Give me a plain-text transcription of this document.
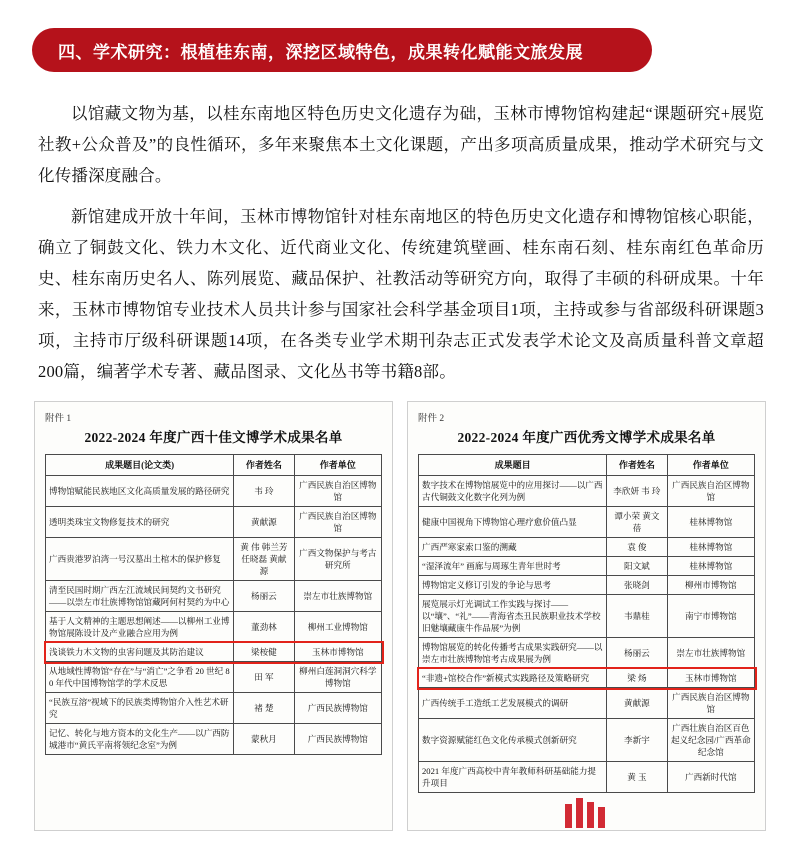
四、学术研究：根植桂东南，深挖区域特色，成果转化赋能文旅发展

以馆藏文物为基，以桂东南地区特色历史文化遗存为础，玉林市博物馆构建起“课题研究+展览社教+公众普及”的良性循环，多年来聚焦本土文化课题，产出多项高质量成果，推动学术研究与文化传播深度融合。

新馆建成开放十年间，玉林市博物馆针对桂东南地区的特色历史文化遗存和博物馆核心职能，确立了铜鼓文化、铁力木文化、近代商业文化、传统建筑壁画、桂东南石刻、桂东南红色革命历史、桂东南历史名人、陈列展览、藏品保护、社教活动等研究方向，取得了丰硕的科研成果。十年来，玉林市博物馆专业技术人员共计参与国家社会科学基金项目1项，主持或参与省部级科研课题3项，主持市厅级科研课题14项，在各类专业学术期刊杂志正式发表学术论文及高质量科普文章超200篇，编著学术专著、藏品图录、文化丛书等书籍8部。

附件 1
2022-2024 年度广西十佳文博学术成果名单
成果题目(论文类)	作者姓名	作者单位
博物馆赋能民族地区文化高质量发展的路径研究	韦 玲	广西民族自治区博物馆
透明类珠宝文物修复技术的研究	黄献源	广西民族自治区博物馆
广西贵港罗泊湾一号汉墓出土棺木的保护修复	黄 伟 韩兰芳 任晓磊 黄献源	广西文物保护与考古研究所
清至民国时期广西左江流域民间契约文书研究——以崇左市壮族博物馆馆藏阿何村契约为中心	杨丽云	崇左市壮族博物馆
基于人文精神的主题思想阐述——以柳州工业博物馆展陈设计及产业融合应用为例	董劲林	柳州工业博物馆
浅谈铁力木文物的虫害问题及其防治建议	梁桉健	玉林市博物馆
从地域性博物馆“存在”与“消亡”之争看 20 世纪 80 年代中国博物馆学的学术反思	田 军	柳州白莲洞洞穴科学博物馆
“民族互溶”视域下的民族类博物馆介入性艺术研究	褚 楚	广西民族博物馆
记忆、转化与地方资本的文化生产——以广西防城港市“黄氏平南将领纪念室”为例	蒙秋月	广西民族博物馆
附件 2
2022-2024 年度广西优秀文博学术成果名单
成果题目	作者姓名	作者单位
数字技术在博物馆展览中的应用探讨——以广西古代铜鼓文化数字化列为例	李欣妍 韦 玲	广西民族自治区博物馆
健康中国视角下博物馆心理疗愈价值凸显	谭小荣 黄文蓓	桂林博物馆
广西严寒家索口鉴的溯藏	袁 俊	桂林博物馆
“湿泽流年” 画廊与周琢生青年世时考	阳文斌	桂林博物馆
博物馆定义修订引发的争论与思考	张晓剑	柳州市博物馆
展览展示灯光调试工作实践与探讨——以“壤”、“礼”——青海省杰丑民族职业技术学校旧魅壤藏康牛作品展”为例	韦鼎桂	南宁市博物馆
博物馆展览的转化传播考古成果实践研究——以崇左市壮族博物馆考古成果展为例	杨丽云	崇左市壮族博物馆
“非遗+馆校合作”新模式实践路径及策略研究	梁 炀	玉林市博物馆
广西传统手工造纸工艺发展模式的调研	黄献源	广西民族自治区博物馆
数字资源赋能红色文化传承模式创新研究	李新宇	广西壮族自治区百色起义纪念园/广西革命纪念馆
2021 年度广西高校中青年教师科研基础能力提升项目	黄 玉	广西新时代馆
